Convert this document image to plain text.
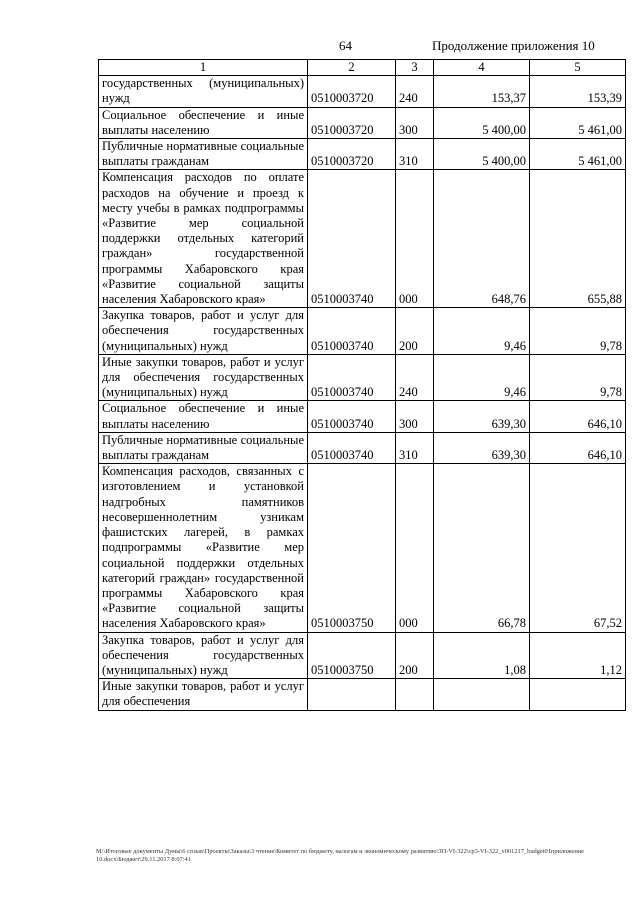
64	Продолжение приложения 10
1	2	3	4	5
государственных (муниципальных) нужд	0510003720	240	153,37	153,39
Социальное обеспечение и иные выплаты населению	0510003720	300	5 400,00	5 461,00
Публичные нормативные социальные выплаты гражданам	0510003720	310	5 400,00	5 461,00
Компенсация расходов по оплате расходов на обучение и проезд к месту учебы в рамках подпрограммы «Развитие мер социальной поддержки отдельных категорий граждан» государственной программы Хабаровского края «Развитие социальной защиты населения Хабаровского края»	0510003740	000	648,76	655,88
Закупка товаров, работ и услуг для обеспечения государственных (муниципальных) нужд	0510003740	200	9,46	9,78
Иные закупки товаров, работ и услуг для обеспечения государственных (муниципальных) нужд	0510003740	240	9,46	9,78
Социальное обеспечение и иные выплаты населению	0510003740	300	639,30	646,10
Публичные нормативные социальные выплаты гражданам	0510003740	310	639,30	646,10
Компенсация расходов, связанных с изготовлением и установкой надгробных памятников несовершеннолетним узникам фашистских лагерей, в рамках подпрограммы «Развитие мер социальной поддержки отдельных категорий граждан» государственной программы Хабаровского края «Развитие социальной защиты населения Хабаровского края»	0510003750	000	66,78	67,52
Закупка товаров, работ и услуг для обеспечения государственных (муниципальных) нужд	0510003750	200	1,08	1,12
Иные закупки товаров, работ и услуг для обеспечения				
M:\Итоговые документы Думы\6 созыв\Проекты\Заказы\3 чтение\Комитет по бюджету, налогам и экономическому развитию\ЗП-VI-322\ср3-VI-322_v001217_budget01приложение 10.docx\Бюджет\29.11.2017 8:07:41
